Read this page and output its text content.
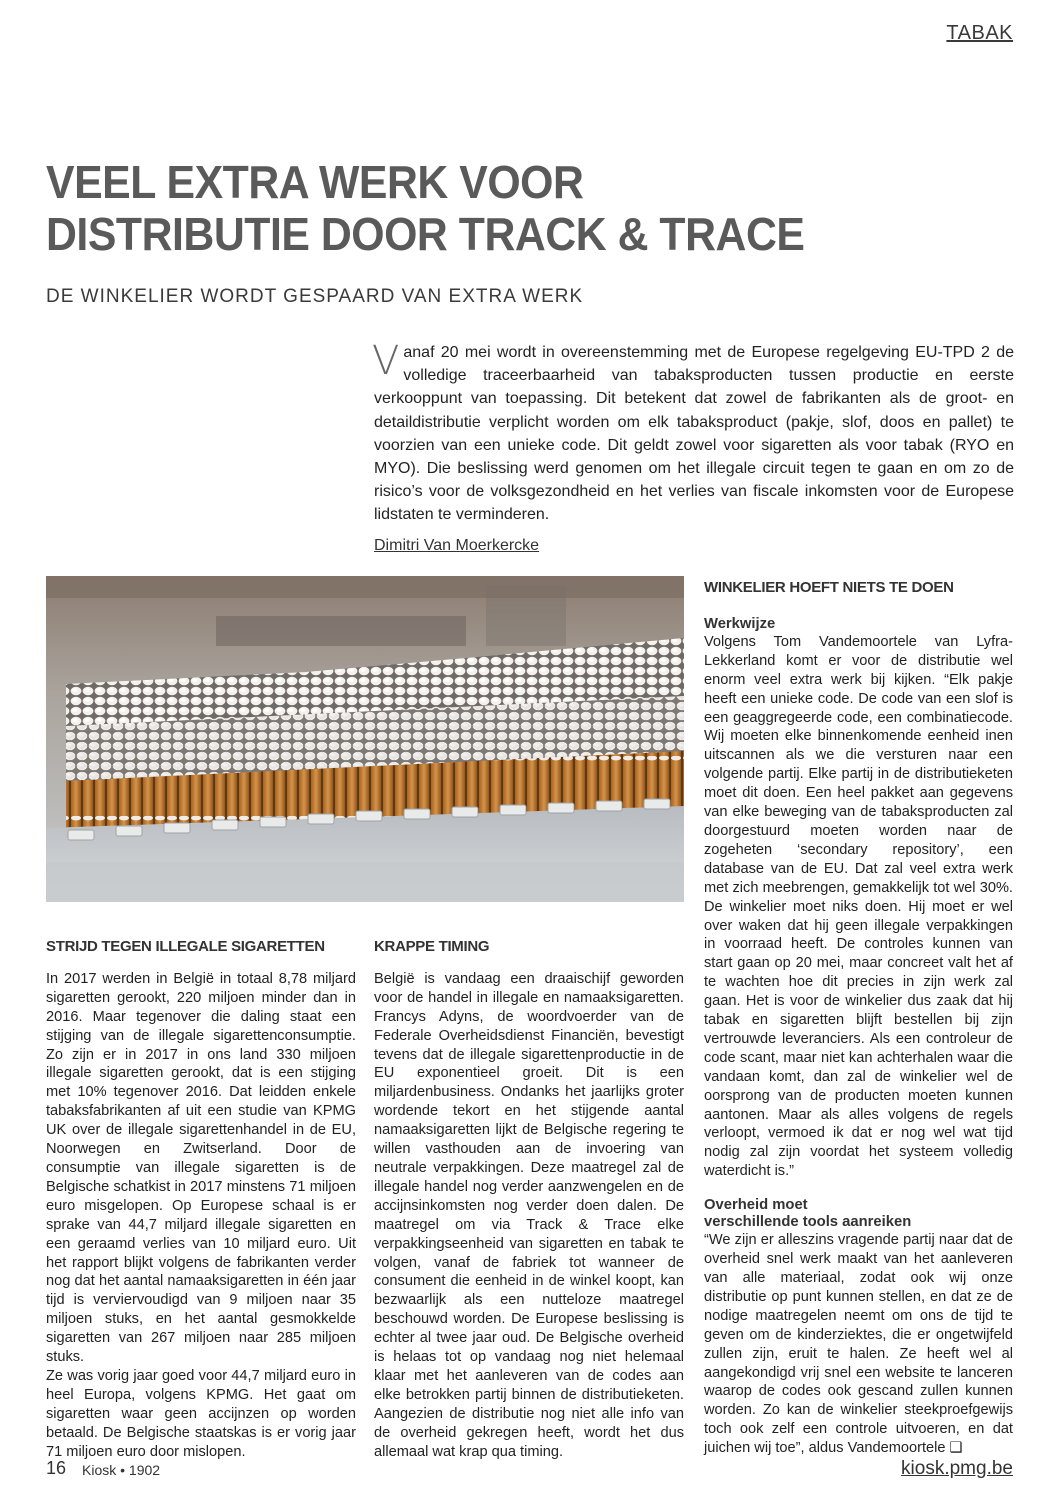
TABAK
VEEL EXTRA WERK VOOR
DISTRIBUTIE DOOR TRACK & TRACE
DE WINKELIER WORDT GESPAARD VAN EXTRA WERK

Vanaf 20 mei wordt in overeenstemming met de Europese regelgeving EU-TPD 2 de volledige traceerbaarheid van tabaksproducten tussen productie en eerste verkooppunt van toepassing. Dit betekent dat zowel de fabrikanten als de groot- en detaildistributie verplicht worden om elk tabaksproduct (pakje, slof, doos en pallet) te voorzien van een unieke code. Dit geldt zowel voor sigaretten als voor tabak (RYO en MYO). Die beslissing werd genomen om het illegale circuit tegen te gaan en om zo de risico’s voor de volksgezondheid en het verlies van fiscale inkomsten voor de Europese lidstaten te verminderen.

Dimitri Van Moerkercke
STRIJD TEGEN ILLEGALE SIGARETTEN

In 2017 werden in België in totaal 8,78 miljard sigaretten gerookt, 220 miljoen minder dan in 2016. Maar tegenover die daling staat een stijging van de illegale sigarettenconsumptie. Zo zijn er in 2017 in ons land 330 miljoen illegale sigaretten gerookt, dat is een stijging met 10% tegenover 2016. Dat leidden enkele tabaksfabrikanten af uit een studie van KPMG UK over de illegale sigarettenhandel in de EU, Noorwegen en Zwitserland. Door de consumptie van illegale sigaretten is de Belgische schatkist in 2017 minstens 71 miljoen euro misgelopen. Op Europese schaal is er sprake van 44,7 miljard illegale sigaretten en een geraamd verlies van 10 miljard euro. Uit het rapport blijkt volgens de fabrikanten verder nog dat het aantal namaaksigaretten in één jaar tijd is verviervoudigd van 9 miljoen naar 35 miljoen stuks, en het aantal gesmokkelde sigaretten van 267 miljoen naar 285 miljoen stuks.

Ze was vorig jaar goed voor 44,7 miljard euro in heel Europa, volgens KPMG. Het gaat om sigaretten waar geen accijnzen op worden betaald. De Belgische staatskas is er vorig jaar 71 miljoen euro door mislopen.

KRAPPE TIMING

België is vandaag een draaischijf geworden voor de handel in illegale en namaaksigaretten. Francys Adyns, de woordvoerder van de Federale Overheidsdienst Financiën, bevestigt tevens dat de illegale sigarettenproductie in de EU exponentieel groeit. Dit is een miljardenbusiness. Ondanks het jaarlijks groter wordende tekort en het stijgende aantal namaaksigaretten lijkt de Belgische regering te willen vasthouden aan de invoering van neutrale verpakkingen. Deze maatregel zal de illegale handel nog verder aanzwengelen en de accijnsinkomsten nog verder doen dalen. De maatregel om via Track & Trace elke verpakkingseenheid van sigaretten en tabak te volgen, vanaf de fabriek tot wanneer de consument die eenheid in de winkel koopt, kan bezwaarlijk als een nutteloze maatregel beschouwd worden. De Europese beslissing is echter al twee jaar oud. De Belgische overheid is helaas tot op vandaag nog niet helemaal klaar met het aanleveren van de codes aan elke betrokken partij binnen de distributieketen. Aangezien de distributie nog niet alle info van de overheid gekregen heeft, wordt het dus allemaal wat krap qua timing.

WINKELIER HOEFT NIETS TE DOEN
Werkwijze

Volgens Tom Vandemoortele van Lyfra-Lekkerland komt er voor de distributie wel enorm veel extra werk bij kijken. “Elk pakje heeft een unieke code. De code van een slof is een geaggregeerde code, een combinatiecode. Wij moeten elke binnenkomende eenheid inen uitscannen als we die versturen naar een volgende partij. Elke partij in de distributieketen moet dit doen. Een heel pakket aan gegevens van elke beweging van de tabaksproducten zal doorgestuurd moeten worden naar de zogeheten ‘secondary repository’, een database van de EU. Dat zal veel extra werk met zich meebrengen, gemakkelijk tot wel 30%. De winkelier moet niks doen. Hij moet er wel over waken dat hij geen illegale verpakkingen in voorraad heeft. De controles kunnen van start gaan op 20 mei, maar concreet valt het af te wachten hoe dit precies in zijn werk zal gaan. Het is voor de winkelier dus zaak dat hij tabak en sigaretten blijft bestellen bij zijn vertrouwde leveranciers. Als een controleur de code scant, maar niet kan achterhalen waar die vandaan komt, dan zal de winkelier wel de oorsprong van de producten moeten kunnen aantonen. Maar als alles volgens de regels verloopt, vermoed ik dat er nog wel wat tijd nodig zal zijn voordat het systeem volledig waterdicht is.”

Overheid moet
verschillende tools aanreiken

“We zijn er alleszins vragende partij naar dat de overheid snel werk maakt van het aanleveren van alle materiaal, zodat ook wij onze distributie op punt kunnen stellen, en dat ze de nodige maatregelen neemt om ons de tijd te geven om de kinderziektes, die er ongetwijfeld zullen zijn, eruit te halen. Ze heeft wel al aangekondigd vrij snel een website te lanceren waarop de codes ook gescand zullen kunnen worden. Zo kan de winkelier steekproefgewijs toch ook zelf een controle uitvoeren, en dat juichen wij toe”, aldus Vandemoortele ❑

16 Kiosk • 1902	kiosk.pmg.be
